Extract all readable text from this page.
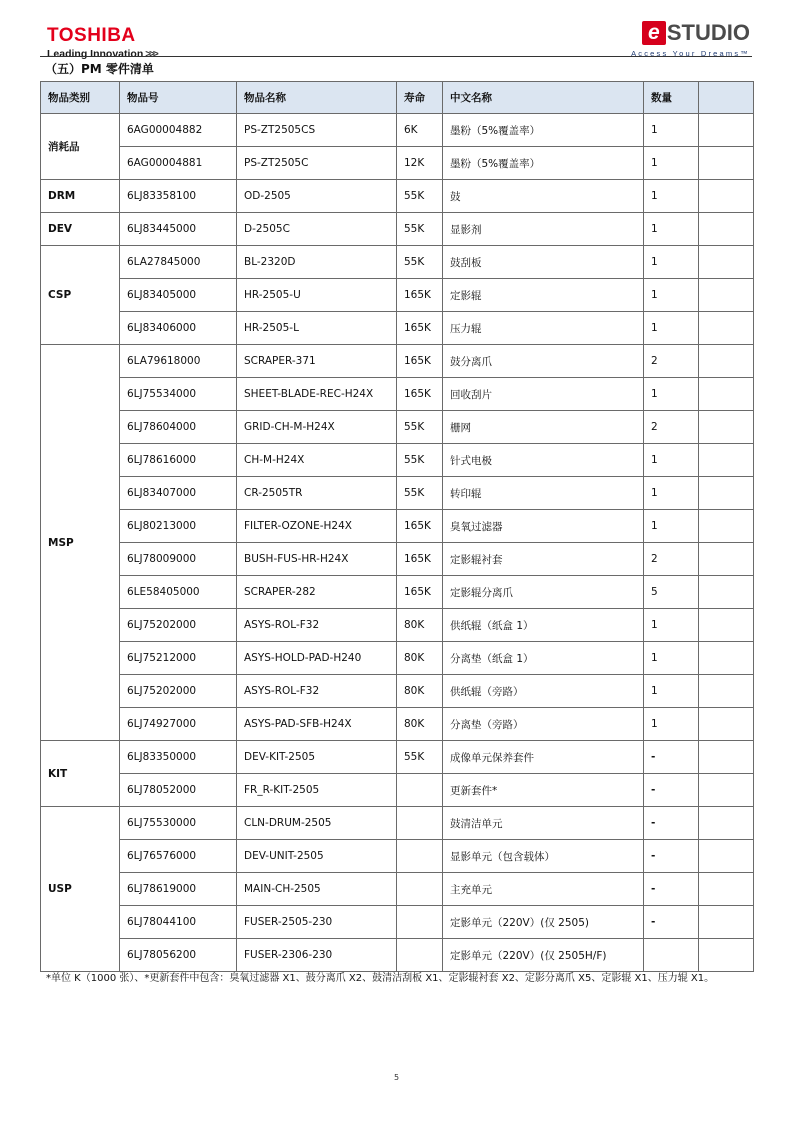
TOSHIBA
Leading Innovation >>>
e STUDIO
Access Your Dreams™
（五）PM 零件清单
物品类别	物品号	物品名称	寿命	中文名称	数量	
消耗品	6AG00004882	PS-ZT2505CS	6K	墨粉（5%覆盖率）	1	
	6AG00004881	PS-ZT2505C	12K	墨粉（5%覆盖率）	1	
DRM	6LJ83358100	OD-2505	55K	鼓	1	
DEV	6LJ83445000	D-2505C	55K	显影剂	1	
CSP	6LA27845000	BL-2320D	55K	鼓刮板	1	
	6LJ83405000	HR-2505-U	165K	定影辊	1	
	6LJ83406000	HR-2505-L	165K	压力辊	1	
MSP	6LA79618000	SCRAPER-371	165K	鼓分离爪	2	
	6LJ75534000	SHEET-BLADE-REC-H24X	165K	回收刮片	1	
	6LJ78604000	GRID-CH-M-H24X	55K	栅网	2	
	6LJ78616000	CH-M-H24X	55K	针式电极	1	
	6LJ83407000	CR-2505TR	55K	转印辊	1	
	6LJ80213000	FILTER-OZONE-H24X	165K	臭氧过滤器	1	
	6LJ78009000	BUSH-FUS-HR-H24X	165K	定影辊衬套	2	
	6LE58405000	SCRAPER-282	165K	定影辊分离爪	5	
	6LJ75202000	ASYS-ROL-F32	80K	供纸辊（纸盒 1）	1	
	6LJ75212000	ASYS-HOLD-PAD-H240	80K	分离垫（纸盒 1）	1	
	6LJ75202000	ASYS-ROL-F32	80K	供纸辊（旁路）	1	
	6LJ74927000	ASYS-PAD-SFB-H24X	80K	分离垫（旁路）	1	
KIT	6LJ83350000	DEV-KIT-2505	55K	成像单元保养套件	-	
	6LJ78052000	FR_R-KIT-2505		更新套件*	-	
USP	6LJ75530000	CLN-DRUM-2505		鼓清洁单元	-	
	6LJ76576000	DEV-UNIT-2505		显影单元（包含载体）	-	
	6LJ78619000	MAIN-CH-2505		主充单元	-	
	6LJ78044100	FUSER-2505-230		定影单元（220V）(仅 2505)	-	
	6LJ78056200	FUSER-2306-230		定影单元（220V）(仅 2505H/F)		
*单位 K（1000 张）、*更新套件中包含：臭氧过滤器 X1、鼓分离爪 X2、鼓清洁刮板 X1、定影辊衬套 X2、定影分离爪 X5、定影辊 X1、压力辊 X1。
5
